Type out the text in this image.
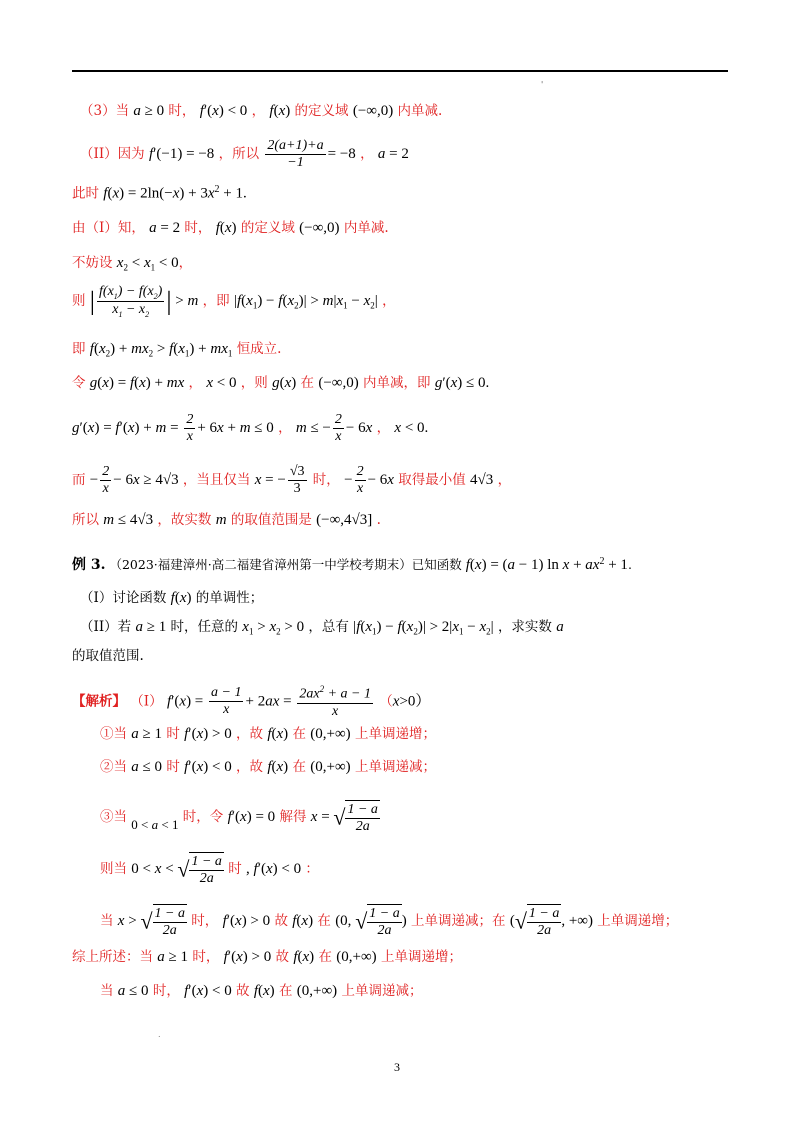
'
（3）当 a ≥ 0 时， f′(x) < 0 ， f(x) 的定义域 (−∞,0) 内单减.
（II）因为 f′(−1) = −8 ，所以 $\frac{2(a+1)+a}{-1} = -8$ ， a = 2
此时 $f(x) = 2\ln(-x) + 3x^2 + 1$.
由（I）知， a = 2 时， f(x) 的定义域 (−∞,0) 内单减.
不妨设 $x_2 < x_1 < 0$，
则 | $\frac{f(x_1) - f(x_2)}{x_1 - x_2}$ | > m ，即 $|f(x_1) - f(x_2)| > m|x_1 - x_2|$ ，
即 $f(x_2) + mx_2 > f(x_1) + mx_1$ 恒成立.
令 g(x) = f(x) + mx ， x < 0 ，则 g(x) 在 (−∞,0) 内单减，即 g′(x) ≤ 0.
$g'(x) = f'(x) + m = \frac{2}{x} + 6x + m \le 0$ ， m ≤ − $\frac{2}{x} - 6x$ ， x < 0.
而 − $\frac{2}{x} - 6x \ge 4√3$ ，当且仅当 x = − $\frac{√3}{3}$ 时， − $\frac{2}{x} - 6x$ 取得最小值 4√3 ，
所以 m ≤ 4√3 ，故实数 m 的取值范围是 (−∞,4√3] .
例 3. （2023·福建漳州·高二福建省漳州第一中学校考期末）已知函数 f(x) = (a − 1) $\ln x + ax^2 + 1$.
（I）讨论函数 f(x) 的单调性；
（II）若 a ≥ 1 时，任意的 $x_1 > x_2 > 0$ ，总有 $|f(x_1) - f(x_2)| > 2|x_1 - x_2|$ ，求实数 a
的取值范围.
【解析】 （I） $f'(x) = \frac{a - 1}{x} + 2ax = \frac{2ax^2 + a - 1}{x} (x>0)$
①当 a ≥ 1 时 f′(x) > 0 ，故 f(x) 在 (0,+∞) 上单调递增；
②当 a ≤ 0 时 f′(x) < 0 ，故 f(x) 在 (0,+∞) 上单调递减；
③当 0 < a < 1 时，令 f′(x) = 0 解得 x = √ $\frac{1 - a}{2a}$
则当 0 < x < √ $\frac{1 - a}{2a}$ 时 , f′(x) < 0 ：
当 x > √ $\frac{1 - a}{2a}$ 时， f′(x) > 0 故 f(x) 在 (0, √ $\frac{1 - a}{2a}$ ) 上单调递减；在 (√ $\frac{1 - a}{2a}$ , +∞) 上单调递增；
综上所述：当 a ≥ 1 时， f′(x) > 0 故 f(x) 在 (0,+∞) 上单调递增；
当 a ≤ 0 时， f′(x) < 0 故 f(x) 在 (0,+∞) 上单调递减；
.
3
